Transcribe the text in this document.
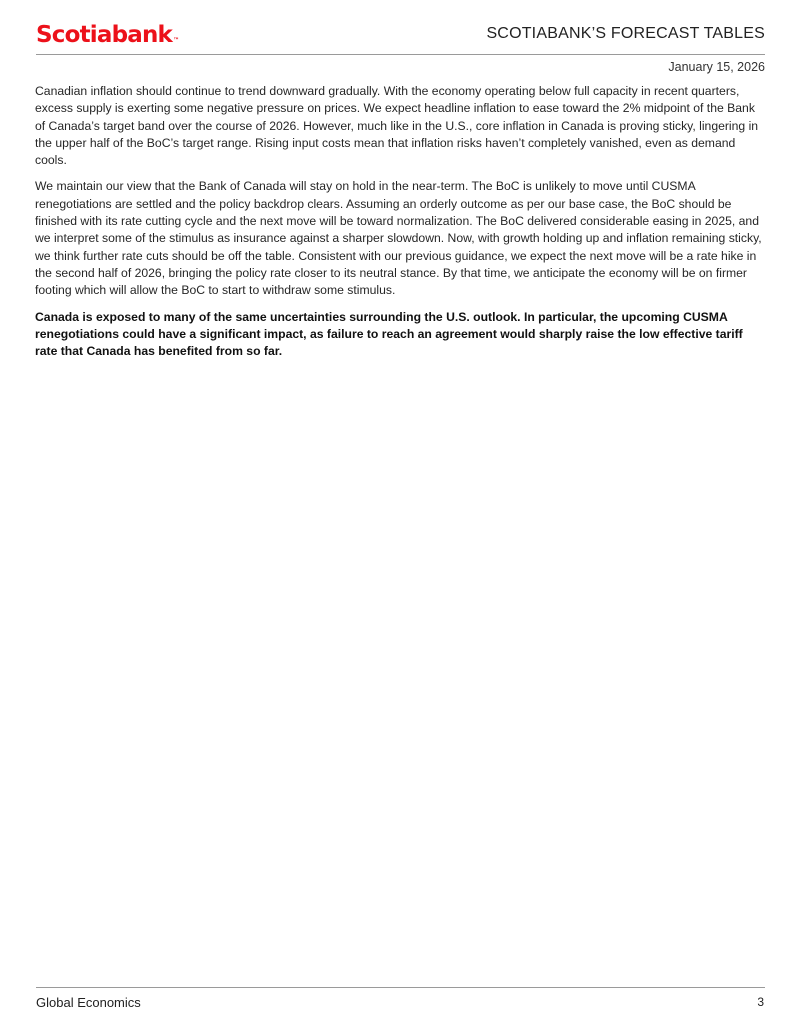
Scotiabank™	SCOTIABANK’S FORECAST TABLES
January 15, 2026

Canadian inflation should continue to trend downward gradually. With the economy operating below full capacity in recent quarters, excess supply is exerting some negative pressure on prices. We expect headline inflation to ease toward the 2% midpoint of the Bank of Canada’s target band over the course of 2026. However, much like in the U.S., core inflation in Canada is proving sticky, lingering in the upper half of the BoC’s target range. Rising input costs mean that inflation risks haven’t completely vanished, even as demand cools.

We maintain our view that the Bank of Canada will stay on hold in the near-term. The BoC is unlikely to move until CUSMA renegotiations are settled and the policy backdrop clears. Assuming an orderly outcome as per our base case, the BoC should be finished with its rate cutting cycle and the next move will be toward normalization. The BoC delivered considerable easing in 2025, and we interpret some of the stimulus as insurance against a sharper slowdown. Now, with growth holding up and inflation remaining sticky, we think further rate cuts should be off the table. Consistent with our previous guidance, we expect the next move will be a rate hike in the second half of 2026, bringing the policy rate closer to its neutral stance. By that time, we anticipate the economy will be on firmer footing which will allow the BoC to start to withdraw some stimulus.

Canada is exposed to many of the same uncertainties surrounding the U.S. outlook. In particular, the upcoming CUSMA renegotiations could have a significant impact, as failure to reach an agreement would sharply raise the low effective tariff rate that Canada has benefited from so far.

Global Economics	3
